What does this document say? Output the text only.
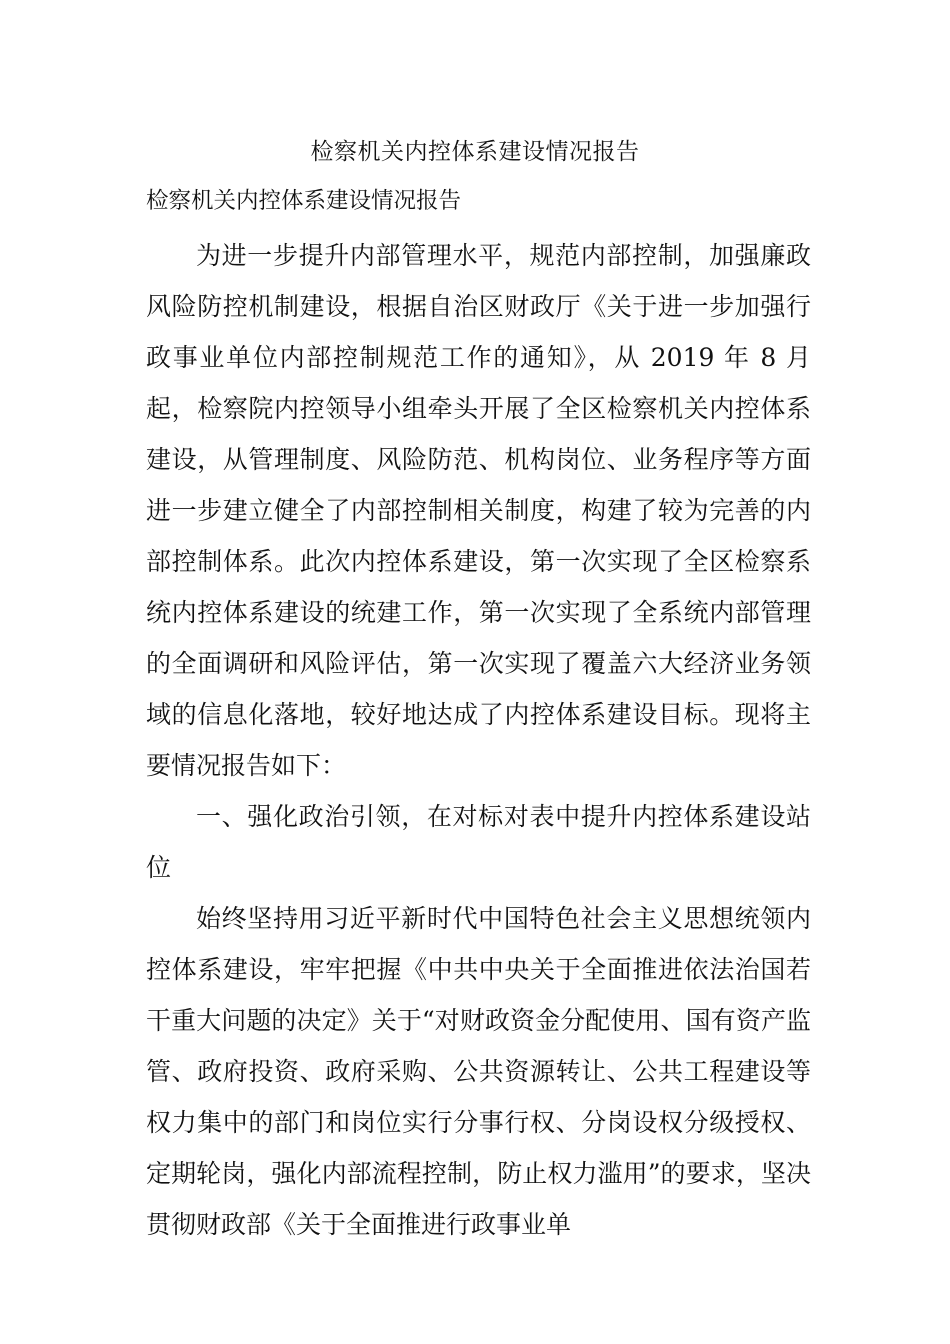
检察机关内控体系建设情况报告

检察机关内控体系建设情况报告

为进一步提升内部管理水平，规范内部控制，加强廉政风险防控机制建设，根据自治区财政厅《关于进一步加强行政事业单位内部控制规范工作的通知》，从 2019 年 8 月起，检察院内控领导小组牵头开展了全区检察机关内控体系建设，从管理制度、风险防范、机构岗位、业务程序等方面进一步建立健全了内部控制相关制度，构建了较为完善的内部控制体系。此次内控体系建设，第一次实现了全区检察系统内控体系建设的统建工作，第一次实现了全系统内部管理的全面调研和风险评估，第一次实现了覆盖六大经济业务领域的信息化落地，较好地达成了内控体系建设目标。现将主要情况报告如下：

一、强化政治引领，在对标对表中提升内控体系建设站位

始终坚持用习近平新时代中国特色社会主义思想统领内控体系建设，牢牢把握《中共中央关于全面推进依法治国若干重大问题的决定》关于“对财政资金分配使用、国有资产监管、政府投资、政府采购、公共资源转让、公共工程建设等权力集中的部门和岗位实行分事行权、分岗设权分级授权、定期轮岗，强化内部流程控制，防止权力滥用”的要求，坚决贯彻财政部《关于全面推进行政事业单
